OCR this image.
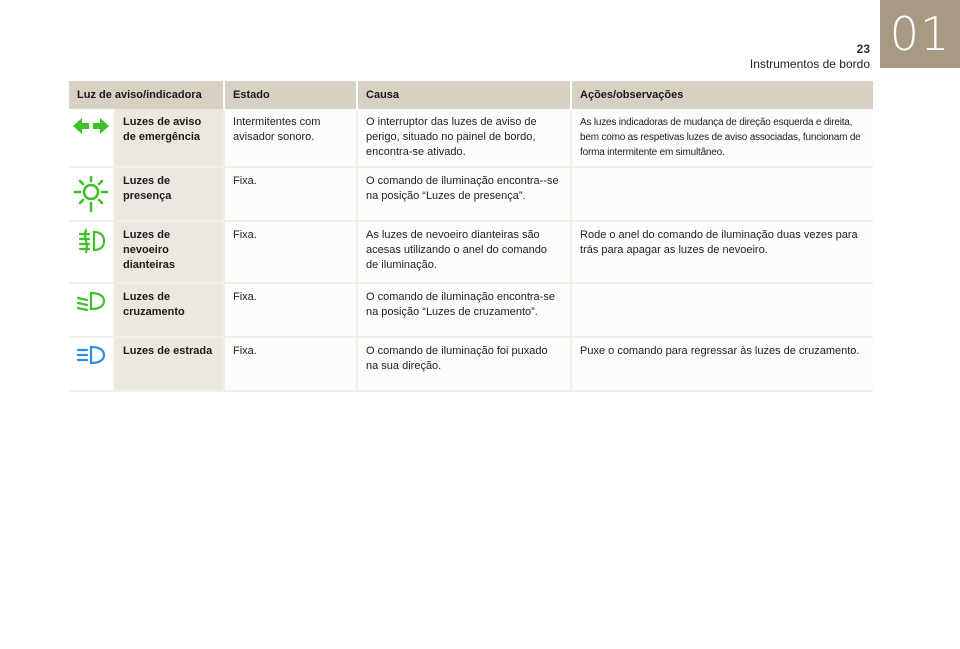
01
23
Instrumentos de bordo
Luz de aviso/indicadora		Estado	Causa	Ações/observações
	Luzes de aviso de emergência	Intermitentes com avisador sonoro.	O interruptor das luzes de aviso de perigo, situado no painel de bordo, encontra-se ativado.	As luzes indicadoras de mudança de direção esquerda e direita, bem como as respetivas luzes de aviso associadas, funcionam de forma intermitente em simultâneo.
	Luzes de presença	Fixa.	O comando de iluminação encontra--se na posição “Luzes de presença”.	
	Luzes de nevoeiro dianteiras	Fixa.	As luzes de nevoeiro dianteiras são acesas utilizando o anel do comando de iluminação.	Rode o anel do comando de iluminação duas vezes para trás para apagar as luzes de nevoeiro.
	Luzes de cruzamento	Fixa.	O comando de iluminação encontra-se na posição “Luzes de cruzamento”.	
	Luzes de estrada	Fixa.	O comando de iluminação foi puxado na sua direção.	Puxe o comando para regressar às luzes de cruzamento.
